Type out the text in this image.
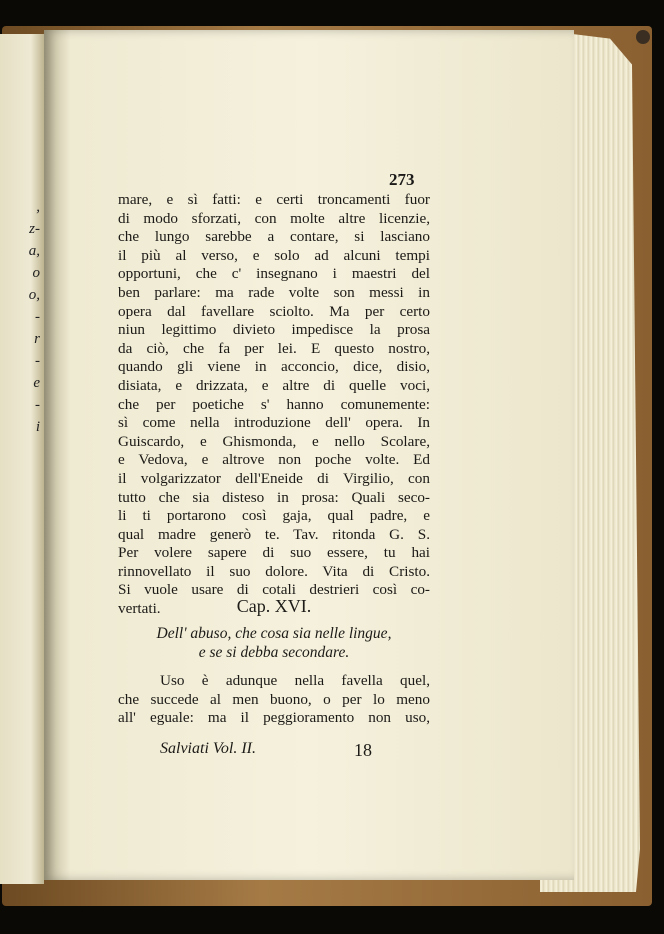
,
z-
a,
o
o,
-
r
-
e
-
i
273
mare, e sì fatti: e certi troncamenti fuor
di modo sforzati, con molte altre licenzie,
che lungo sarebbe a contare, si lasciano
il più al verso, e solo ad alcuni tempi
opportuni, che c' insegnano i maestri del
ben parlare: ma rade volte son messi in
opera dal favellare sciolto. Ma per certo
niun legittimo divieto impedisce la prosa
da ciò, che fa per lei. E questo nostro,
quando gli viene in acconcio, dice, disio,
disiata, e drizzata, e altre di quelle voci,
che per poetiche s' hanno comunemente:
sì come nella introduzione dell' opera. In
Guiscardo, e Ghismonda, e nello Scolare,
e Vedova, e altrove non poche volte. Ed
il volgarizzator dell'Eneide di Virgilio, con
tutto che sia disteso in prosa: Quali seco-
li ti portarono così gaja, qual padre, e
qual madre generò te. Tav. ritonda G. S.
Per volere sapere di suo essere, tu hai
rinnovellato il suo dolore. Vita di Cristo.
Si vuole usare di cotali destrieri così co-
vertati.	Cap. XVI.
Dell' abuso, che cosa sia nelle lingue,
e se si debba secondare.
Uso è adunque nella favella quel,
che succede al men buono, o per lo meno
all' eguale: ma il peggioramento non uso,
Salviati Vol. II.	18
